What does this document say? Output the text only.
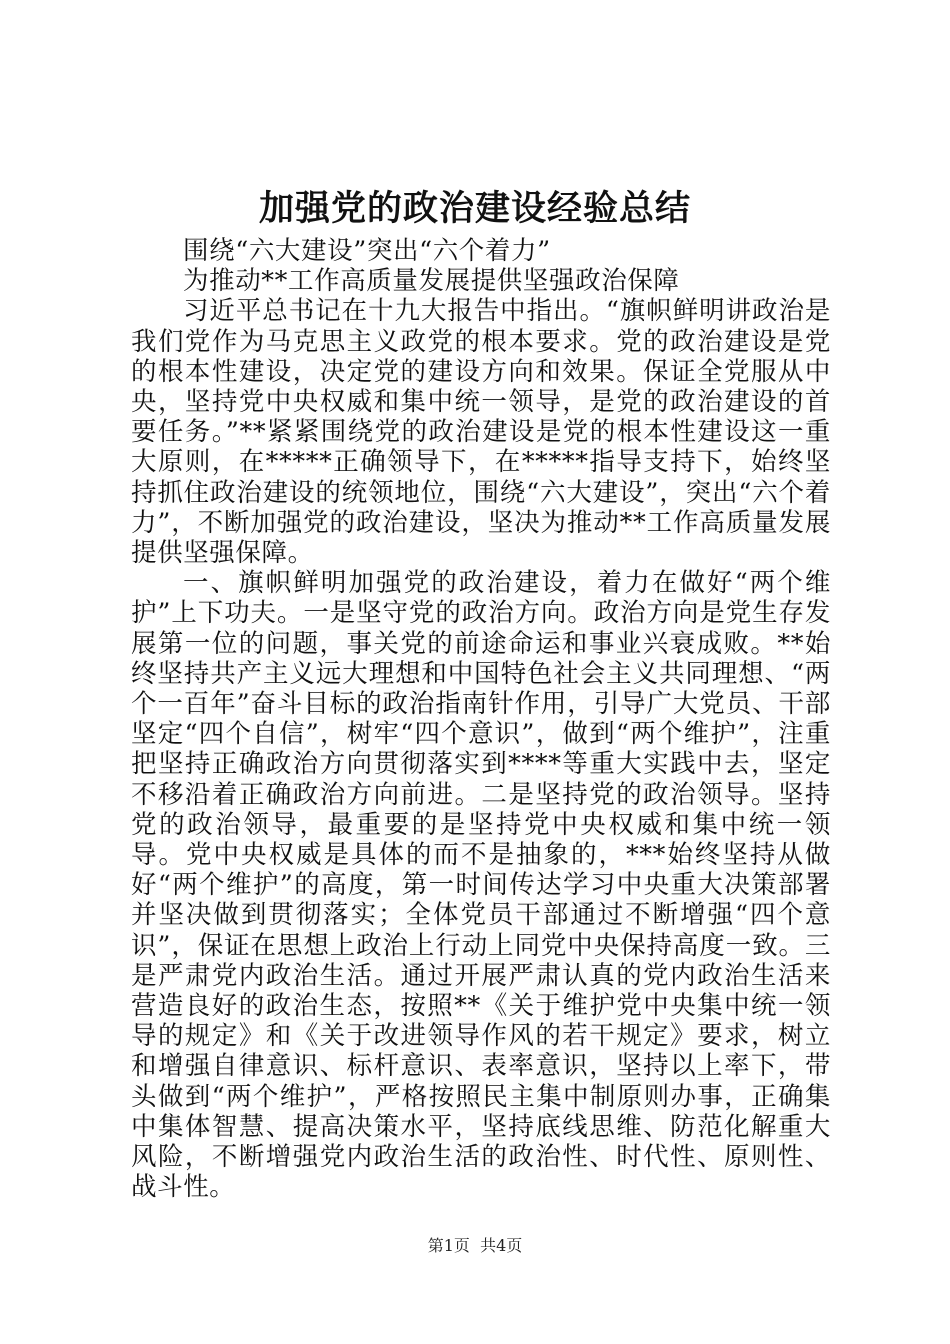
加强党的政治建设经验总结

围绕“六大建设”突出“六个着力”

为推动**工作高质量发展提供坚强政治保障

习近平总书记在十九大报告中指出。“旗帜鲜明讲政治是我们党作为马克思主义政党的根本要求。党的政治建设是党的根本性建设，决定党的建设方向和效果。保证全党服从中央，坚持党中央权威和集中统一领导，是党的政治建设的首要任务。”**紧紧围绕党的政治建设是党的根本性建设这一重大原则，在*****正确领导下，在*****指导支持下，始终坚持抓住政治建设的统领地位，围绕“六大建设”，突出“六个着力”，不断加强党的政治建设，坚决为推动**工作高质量发展提供坚强保障。

一、旗帜鲜明加强党的政治建设，着力在做好“两个维护”上下功夫。一是坚守党的政治方向。政治方向是党生存发展第一位的问题，事关党的前途命运和事业兴衰成败。**始终坚持共产主义远大理想和中国特色社会主义共同理想、“两个一百年”奋斗目标的政治指南针作用，引导广大党员、干部坚定“四个自信”，树牢“四个意识”，做到“两个维护”，注重把坚持正确政治方向贯彻落实到****等重大实践中去，坚定不移沿着正确政治方向前进。二是坚持党的政治领导。坚持党的政治领导，最重要的是坚持党中央权威和集中统一领导。党中央权威是具体的而不是抽象的，***始终坚持从做好“两个维护”的高度，第一时间传达学习中央重大决策部署并坚决做到贯彻落实；全体党员干部通过不断增强“四个意识”，保证在思想上政治上行动上同党中央保持高度一致。三是严肃党内政治生活。通过开展严肃认真的党内政治生活来营造良好的政治生态，按照**《关于维护党中央集中统一领导的规定》和《关于改进领导作风的若干规定》要求，树立和增强自律意识、标杆意识、表率意识，坚持以上率下，带头做到“两个维护”，严格按照民主集中制原则办事，正确集中集体智慧、提高决策水平，坚持底线思维、防范化解重大风险，不断增强党内政治生活的政治性、时代性、原则性、战斗性。

第1页 共4页
